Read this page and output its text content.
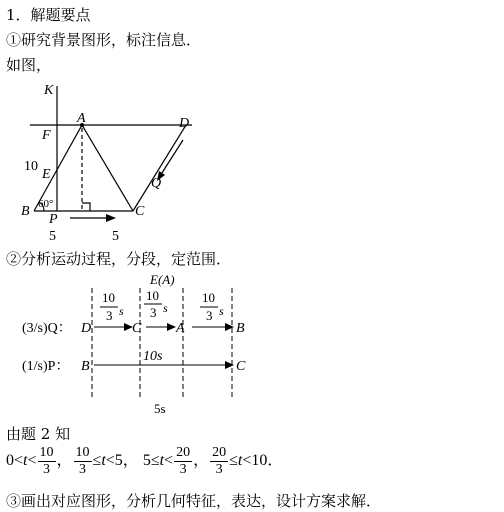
1．解题要点
①研究背景图形，标注信息．
如图，
K
A	D
F
10
E
Q
60°
B	C
P
5	5
②分析运动过程，分段，定范围．
E(A)
10
3 s
10
3 s
10
3 s
(3/s)Q： D	C A	B
10s
(1/s)P： B	C
5s
由题 2 知
$0<t< \frac{10}{3}$ ， $\frac{10}{3} \le t<5$， $5\le t< \frac{20}{3}$ ， $\frac{20}{3} \le t<10$．
③画出对应图形，分析几何特征，表达，设计方案求解．
